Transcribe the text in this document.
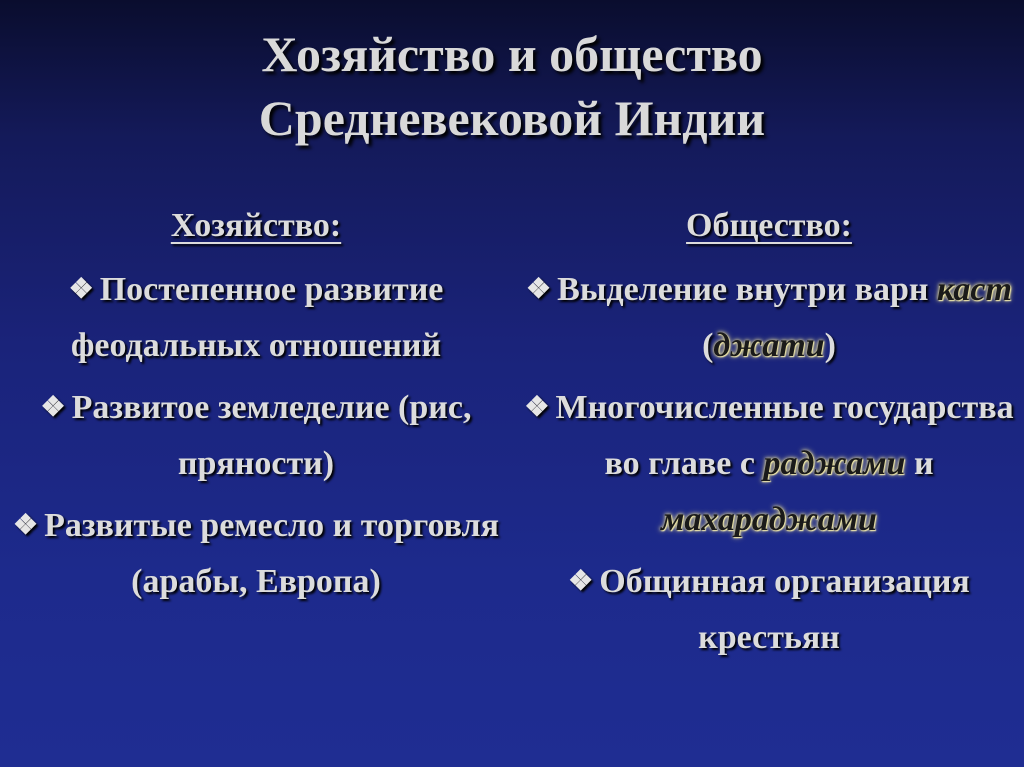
Хозяйство и общество
Средневековой Индии
Хозяйство:
❖ Постепенное развитие феодальных отношений
❖ Развитое земледелие (рис, пряности)
❖ Развитые ремесло и торговля (арабы, Европа)
Общество:
❖ Выделение внутри варн каст (джати)
❖ Многочисленные государства во главе с раджами и махараджами
❖ Общинная организация крестьян
